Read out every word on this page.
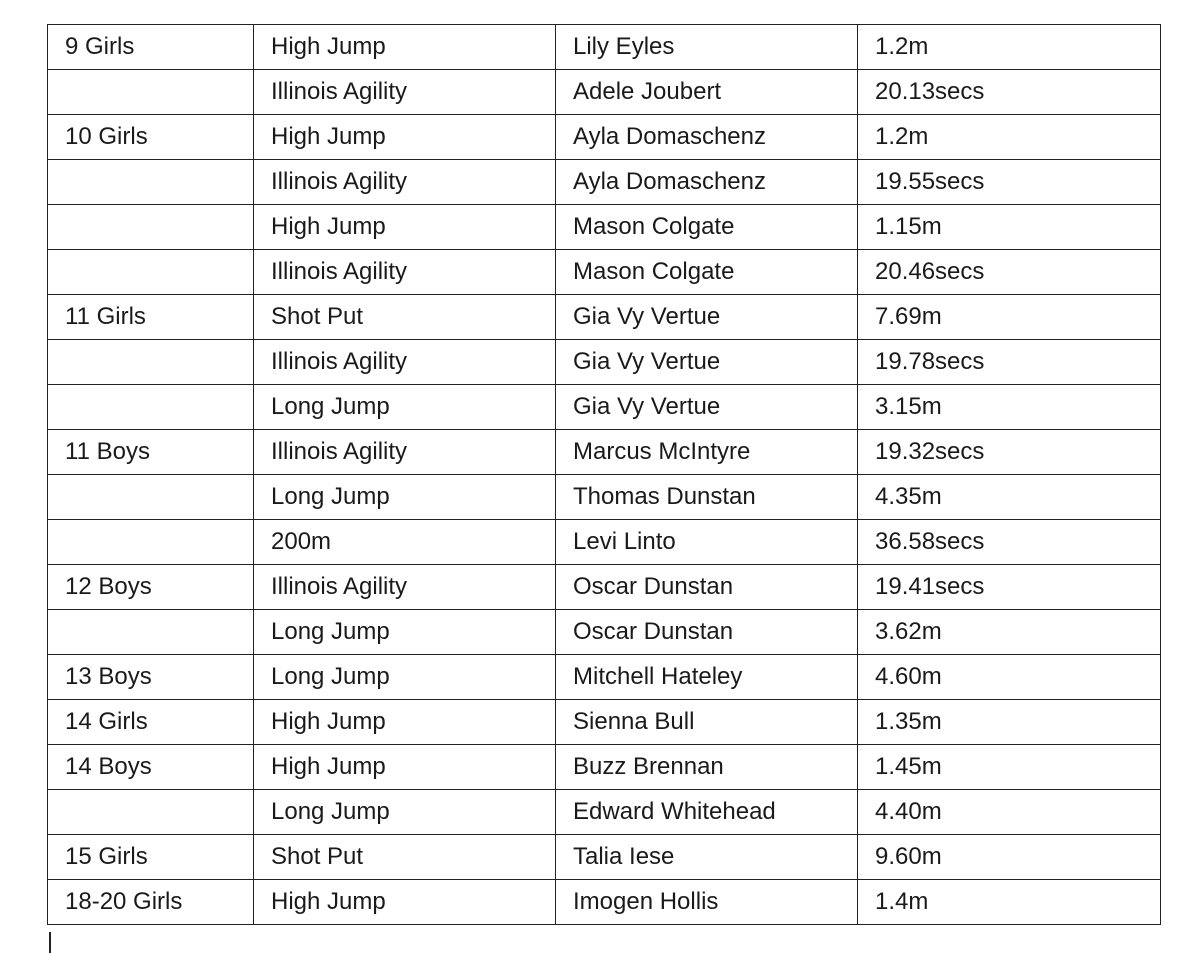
9 Girls	High Jump	Lily Eyles	1.2m
	Illinois Agility	Adele Joubert	20.13secs
10 Girls	High Jump	Ayla Domaschenz	1.2m
	Illinois Agility	Ayla Domaschenz	19.55secs
	High Jump	Mason Colgate	1.15m
	Illinois Agility	Mason Colgate	20.46secs
11 Girls	Shot Put	Gia Vy Vertue	7.69m
	Illinois Agility	Gia Vy Vertue	19.78secs
	Long Jump	Gia Vy Vertue	3.15m
11 Boys	Illinois Agility	Marcus McIntyre	19.32secs
	Long Jump	Thomas Dunstan	4.35m
	200m	Levi Linto	36.58secs
12 Boys	Illinois Agility	Oscar Dunstan	19.41secs
	Long Jump	Oscar Dunstan	3.62m
13 Boys	Long Jump	Mitchell Hateley	4.60m
14 Girls	High Jump	Sienna Bull	1.35m
14 Boys	High Jump	Buzz Brennan	1.45m
	Long Jump	Edward Whitehead	4.40m
15 Girls	Shot Put	Talia Iese	9.60m
18-20 Girls	High Jump	Imogen Hollis	1.4m
